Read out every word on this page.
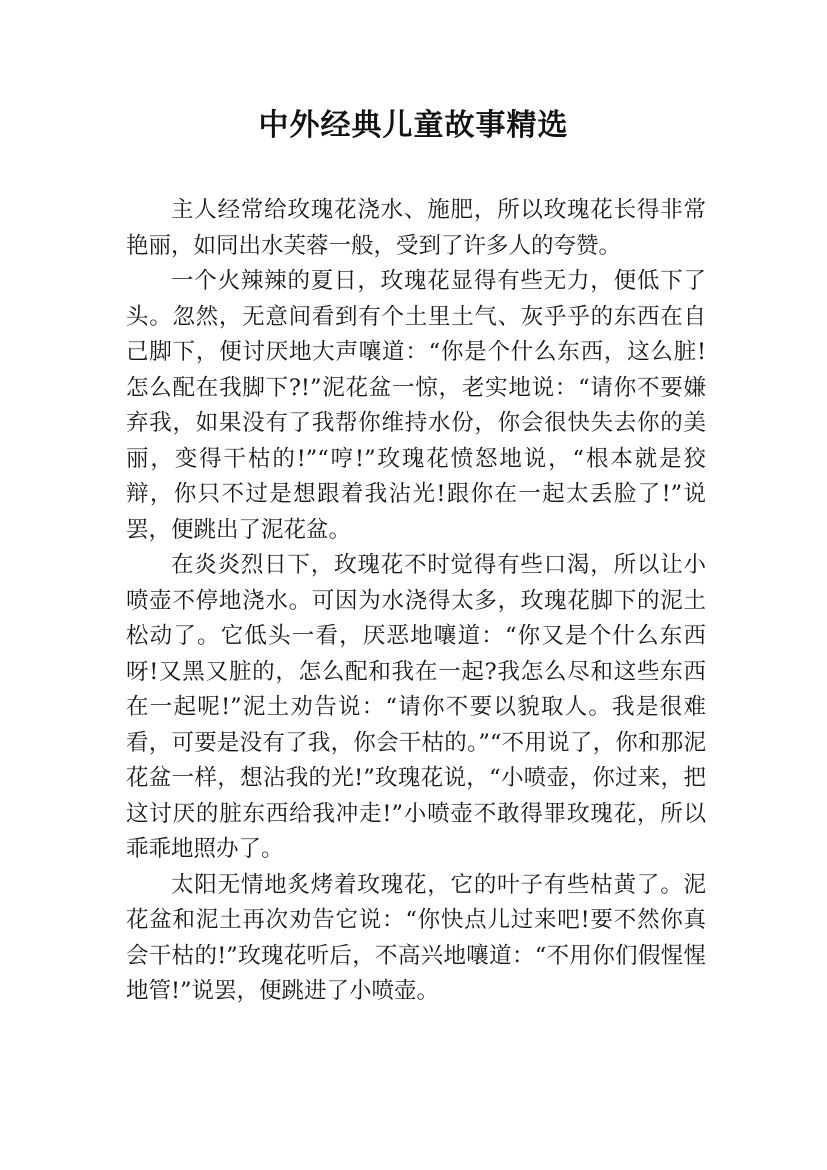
中外经典儿童故事精选

主人经常给玫瑰花浇水、施肥，所以玫瑰花长得非常艳丽，如同出水芙蓉一般，受到了许多人的夸赞。

一个火辣辣的夏日，玫瑰花显得有些无力，便低下了头。忽然，无意间看到有个土里土气、灰乎乎的东西在自己脚下，便讨厌地大声嚷道：“你是个什么东西，这么脏!怎么配在我脚下?!”泥花盆一惊，老实地说：“请你不要嫌弃我，如果没有了我帮你维持水份，你会很快失去你的美丽，变得干枯的!”“哼!”玫瑰花愤怒地说，“根本就是狡辩，你只不过是想跟着我沾光!跟你在一起太丢脸了!”说罢，便跳出了泥花盆。

在炎炎烈日下，玫瑰花不时觉得有些口渴，所以让小喷壶不停地浇水。可因为水浇得太多，玫瑰花脚下的泥土松动了。它低头一看，厌恶地嚷道：“你又是个什么东西呀!又黑又脏的，怎么配和我在一起?我怎么尽和这些东西在一起呢!”泥土劝告说：“请你不要以貌取人。我是很难看，可要是没有了我，你会干枯的。”“不用说了，你和那泥花盆一样，想沾我的光!”玫瑰花说，“小喷壶，你过来，把这讨厌的脏东西给我冲走!”小喷壶不敢得罪玫瑰花，所以乖乖地照办了。

太阳无情地炙烤着玫瑰花，它的叶子有些枯黄了。泥花盆和泥土再次劝告它说：“你快点儿过来吧!要不然你真会干枯的!”玫瑰花听后，不高兴地嚷道：“不用你们假惺惺地管!”说罢，便跳进了小喷壶。
